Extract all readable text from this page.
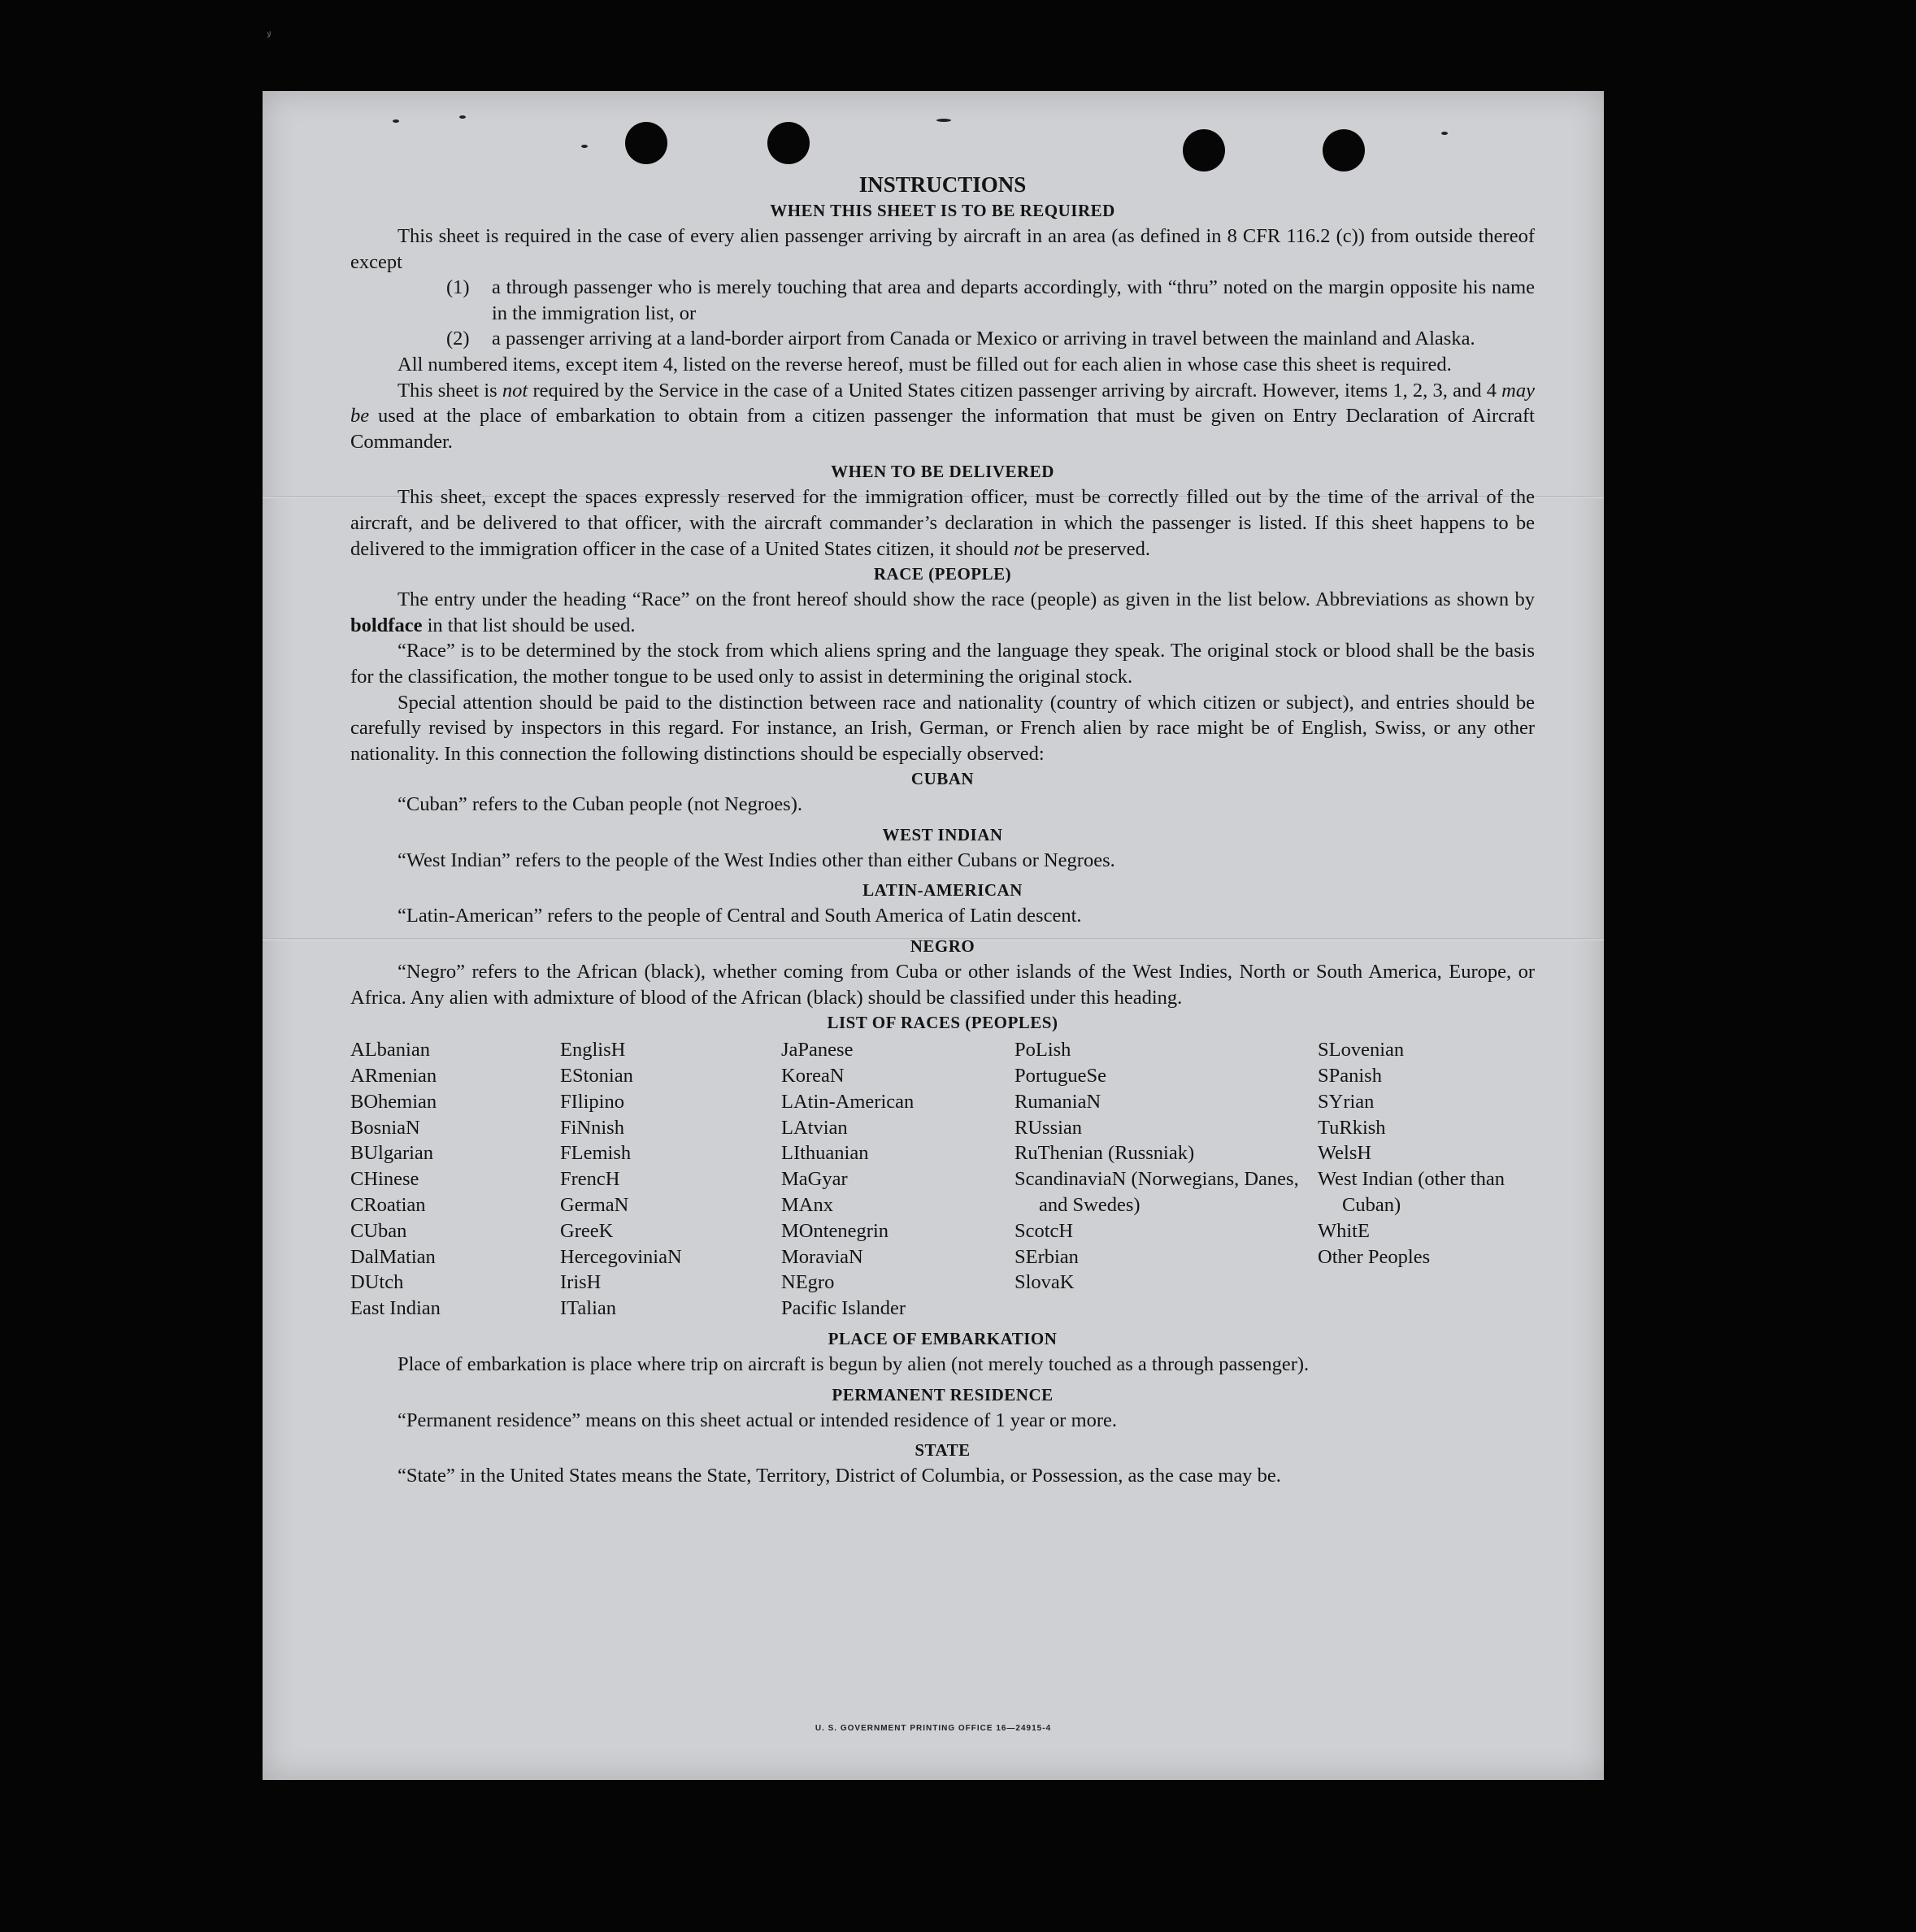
ﻻ
INSTRUCTIONS
WHEN THIS SHEET IS TO BE REQUIRED

This sheet is required in the case of every alien passenger arriving by aircraft in an area (as defined in 8 CFR 116.2 (c)) from outside thereof except

(1)	a through passenger who is merely touching that area and departs accordingly, with “thru” noted on the margin opposite his name in the immigration list, or
(2)	a passenger arriving at a land-border airport from Canada or Mexico or arriving in travel between the mainland and Alaska.

All numbered items, except item 4, listed on the reverse hereof, must be filled out for each alien in whose case this sheet is required.

This sheet is not required by the Service in the case of a United States citizen passenger arriving by aircraft. However, items 1, 2, 3, and 4 may be used at the place of embarkation to obtain from a citizen passenger the information that must be given on Entry Declaration of Aircraft Commander.

WHEN TO BE DELIVERED

This sheet, except the spaces expressly reserved for the immigration officer, must be correctly filled out by the time of the arrival of the aircraft, and be delivered to that officer, with the aircraft commander’s declaration in which the passenger is listed. If this sheet happens to be delivered to the immigration officer in the case of a United States citizen, it should not be preserved.

RACE (PEOPLE)

The entry under the heading “Race” on the front hereof should show the race (people) as given in the list below. Abbreviations as shown by boldface in that list should be used.

“Race” is to be determined by the stock from which aliens spring and the language they speak. The original stock or blood shall be the basis for the classification, the mother tongue to be used only to assist in determining the original stock.

Special attention should be paid to the distinction between race and nationality (country of which citizen or subject), and entries should be carefully revised by inspectors in this regard. For instance, an Irish, German, or French alien by race might be of English, Swiss, or any other nationality. In this connection the following distinctions should be especially observed:

CUBAN

“Cuban” refers to the Cuban people (not Negroes).

WEST INDIAN

“West Indian” refers to the people of the West Indies other than either Cubans or Negroes.

LATIN-AMERICAN

“Latin-American” refers to the people of Central and South America of Latin descent.

NEGRO

“Negro” refers to the African (black), whether coming from Cuba or other islands of the West Indies, North or South America, Europe, or Africa. Any alien with admixture of blood of the African (black) should be classified under this heading.

LIST OF RACES (PEOPLES)
ALbanian
ARmenian
BOhemian
BosniaN
BUlgarian
CHinese
CRoatian
CUban
DalMatian
DUtch
East Indian
EnglisH
EStonian
FIlipino
FiNnish
FLemish
FrencH
GermaN
GreeK
HercegoviniaN
IrisH
ITalian
JaPanese
KoreaN
LAtin-American
LAtvian
LIthuanian
MaGyar
MAnx
MOntenegrin
MoraviaN
NEgro
Pacific Islander
PoLish
PortugueSe
RumaniaN
RUssian
RuThenian (Russniak)
ScandinaviaN (Norwegians, Danes, and Swedes)
ScotcH
SErbian
SlovaK
SLovenian
SPanish
SYrian
TuRkish
WelsH
West Indian (other than Cuban)
WhitE
Other Peoples
PLACE OF EMBARKATION

Place of embarkation is place where trip on aircraft is begun by alien (not merely touched as a through passenger).

PERMANENT RESIDENCE

“Permanent residence” means on this sheet actual or intended residence of 1 year or more.

STATE

“State” in the United States means the State, Territory, District of Columbia, or Possession, as the case may be.

U. S. GOVERNMENT PRINTING OFFICE 16—24915-4
